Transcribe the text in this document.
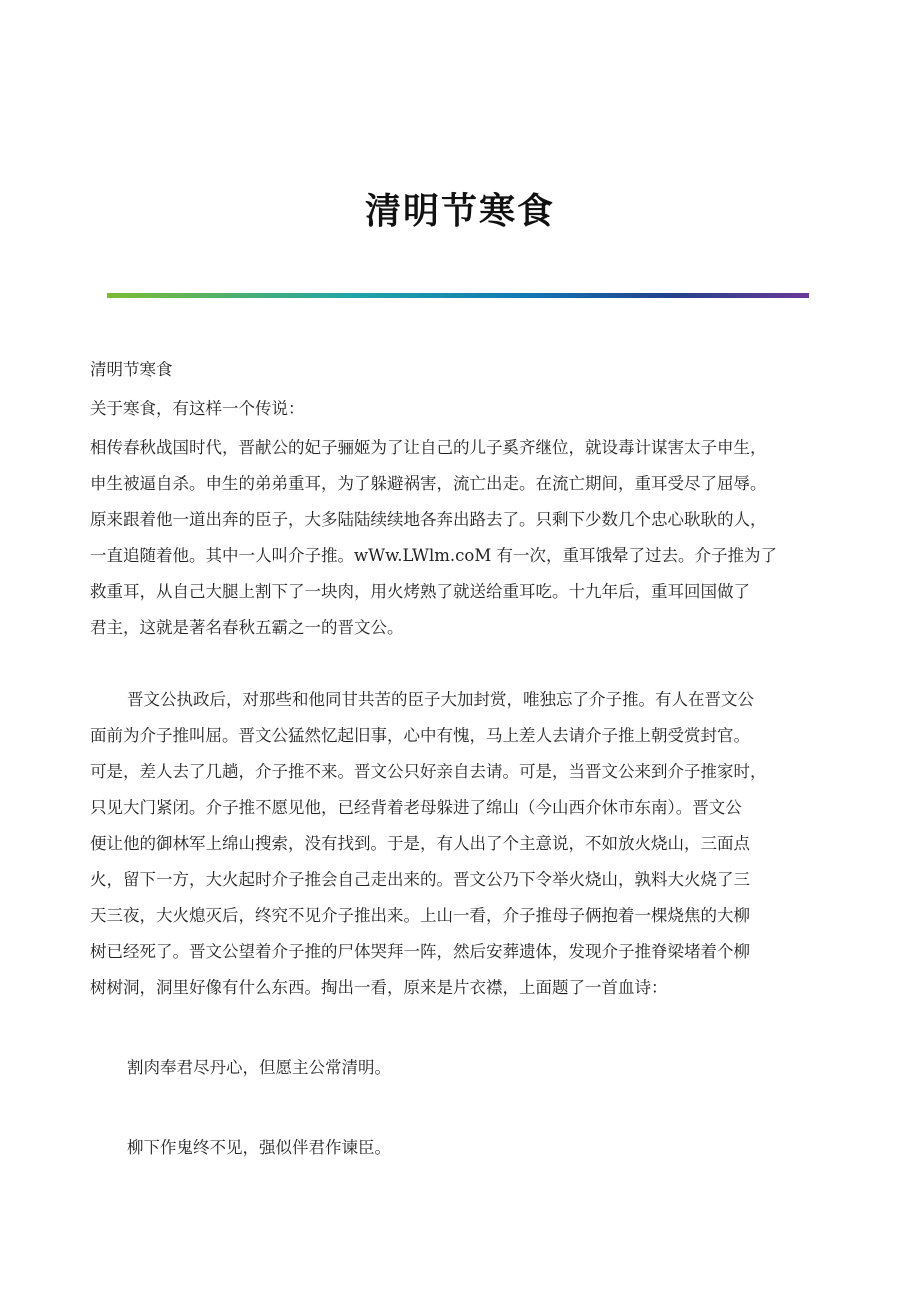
清明节寒食

清明节寒食

关于寒食，有这样一个传说：

相传春秋战国时代，晋献公的妃子骊姬为了让自己的儿子奚齐继位，就设毒计谋害太子申生，
申生被逼自杀。申生的弟弟重耳，为了躲避祸害，流亡出走。在流亡期间，重耳受尽了屈辱。
原来跟着他一道出奔的臣子，大多陆陆续续地各奔出路去了。只剩下少数几个忠心耿耿的人，
一直追随着他。其中一人叫介子推。wWw.LWlm.coM 有一次，重耳饿晕了过去。介子推为了
救重耳，从自己大腿上割下了一块肉，用火烤熟了就送给重耳吃。十九年后，重耳回国做了
君主，这就是著名春秋五霸之一的晋文公。

晋文公执政后，对那些和他同甘共苦的臣子大加封赏，唯独忘了介子推。有人在晋文公
面前为介子推叫屈。晋文公猛然忆起旧事，心中有愧，马上差人去请介子推上朝受赏封官。
可是，差人去了几趟，介子推不来。晋文公只好亲自去请。可是，当晋文公来到介子推家时，
只见大门紧闭。介子推不愿见他，已经背着老母躲进了绵山（今山西介休市东南）。晋文公
便让他的御林军上绵山搜索，没有找到。于是，有人出了个主意说，不如放火烧山，三面点
火，留下一方，大火起时介子推会自己走出来的。晋文公乃下令举火烧山，孰料大火烧了三
天三夜，大火熄灭后，终究不见介子推出来。上山一看，介子推母子俩抱着一棵烧焦的大柳
树已经死了。晋文公望着介子推的尸体哭拜一阵，然后安葬遗体，发现介子推脊梁堵着个柳
树树洞，洞里好像有什么东西。掏出一看，原来是片衣襟，上面题了一首血诗：

割肉奉君尽丹心，但愿主公常清明。

柳下作鬼终不见，强似伴君作谏臣。
